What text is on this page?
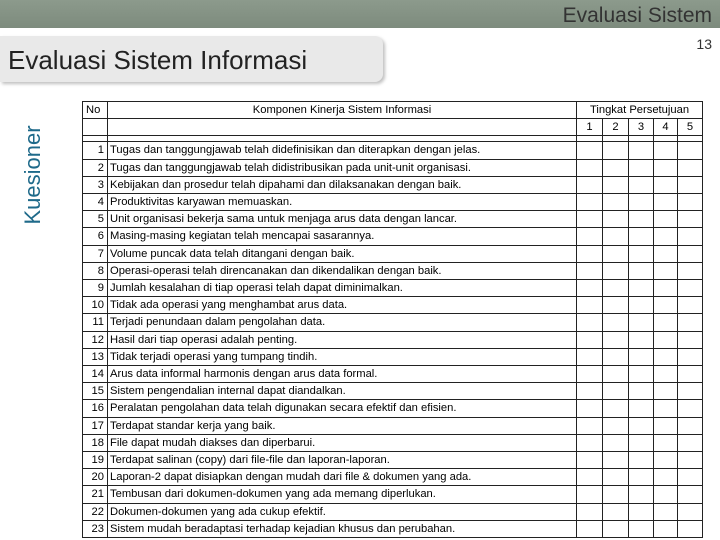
Evaluasi Sistem
Evaluasi Sistem Informasi
13
Kuesioner
No	Komponen Kinerja Sistem Informasi	Tingkat Persetujuan				
		1	2	3	4	5

1	Tugas dan tanggungjawab telah didefinisikan dan diterapkan dengan jelas.					
2	Tugas dan tanggungjawab telah didistribusikan pada unit-unit organisasi.					
3	Kebijakan dan prosedur telah dipahami dan dilaksanakan dengan baik.					
4	Produktivitas karyawan memuaskan.					
5	Unit organisasi bekerja sama untuk menjaga arus data dengan lancar.					
6	Masing-masing kegiatan telah mencapai sasarannya.					
7	Volume puncak data telah ditangani dengan baik.					
8	Operasi-operasi telah direncanakan dan dikendalikan dengan baik.					
9	Jumlah kesalahan di tiap operasi telah dapat diminimalkan.					
10	Tidak ada operasi yang menghambat arus data.					
11	Terjadi penundaan dalam pengolahan data.					
12	Hasil dari tiap operasi adalah penting.					
13	Tidak terjadi operasi yang tumpang tindih.					
14	Arus data informal harmonis dengan arus data formal.					
15	Sistem pengendalian internal dapat diandalkan.					
16	Peralatan pengolahan data telah digunakan secara efektif dan efisien.					
17	Terdapat standar kerja yang baik.					
18	File dapat mudah diakses dan diperbarui.					
19	Terdapat salinan (copy) dari file-file dan laporan-laporan.					
20	Laporan-2 dapat disiapkan dengan mudah dari file & dokumen yang ada.					
21	Tembusan dari dokumen-dokumen yang ada memang diperlukan.					
22	Dokumen-dokumen yang ada cukup efektif.					
23	Sistem mudah beradaptasi terhadap kejadian khusus dan perubahan.					
